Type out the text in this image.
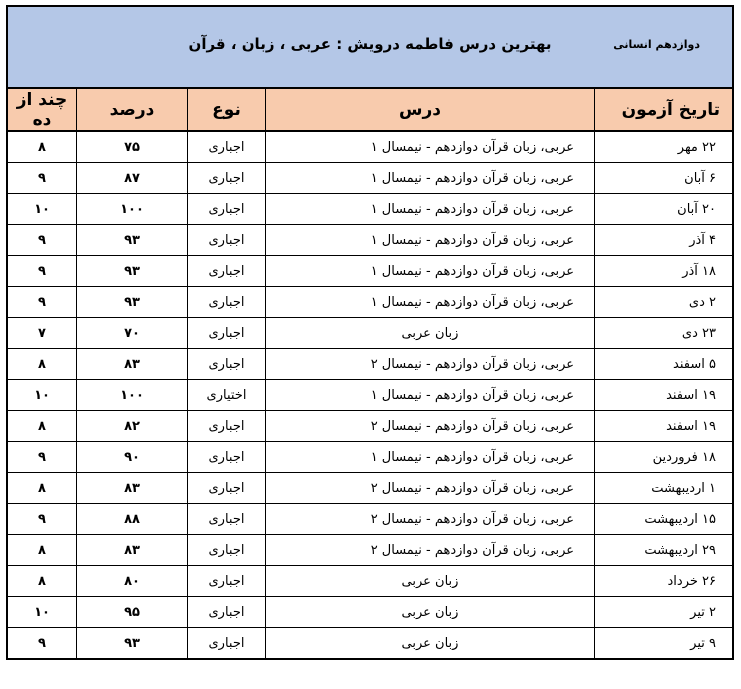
بهترین درس فاطمه درویش : عربی ، زبان ، قرآن	دوازدهم انسانی
تاریخ آزمون	درس	نوع	درصد	چند از ده
۲۲ مهر	عربی، زبان قرآن دوازدهم - نیمسال ۱	اجباری	۷۵	۸
۶ آبان	عربی، زبان قرآن دوازدهم - نیمسال ۱	اجباری	۸۷	۹
۲۰ آبان	عربی، زبان قرآن دوازدهم - نیمسال ۱	اجباری	۱۰۰	۱۰
۴ آذر	عربی، زبان قرآن دوازدهم - نیمسال ۱	اجباری	۹۳	۹
۱۸ آذر	عربی، زبان قرآن دوازدهم - نیمسال ۱	اجباری	۹۳	۹
۲ دی	عربی، زبان قرآن دوازدهم - نیمسال ۱	اجباری	۹۳	۹
۲۳ دی	زبان عربی	اجباری	۷۰	۷
۵ اسفند	عربی، زبان قرآن دوازدهم - نیمسال ۲	اجباری	۸۳	۸
۱۹ اسفند	عربی، زبان قرآن دوازدهم - نیمسال ۱	اختیاری	۱۰۰	۱۰
۱۹ اسفند	عربی، زبان قرآن دوازدهم - نیمسال ۲	اجباری	۸۲	۸
۱۸ فروردین	عربی، زبان قرآن دوازدهم - نیمسال ۱	اجباری	۹۰	۹
۱ اردیبهشت	عربی، زبان قرآن دوازدهم - نیمسال ۲	اجباری	۸۳	۸
۱۵ اردیبهشت	عربی، زبان قرآن دوازدهم - نیمسال ۲	اجباری	۸۸	۹
۲۹ اردیبهشت	عربی، زبان قرآن دوازدهم - نیمسال ۲	اجباری	۸۳	۸
۲۶ خرداد	زبان عربی	اجباری	۸۰	۸
۲ تیر	زبان عربی	اجباری	۹۵	۱۰
۹ تیر	زبان عربی	اجباری	۹۳	۹
